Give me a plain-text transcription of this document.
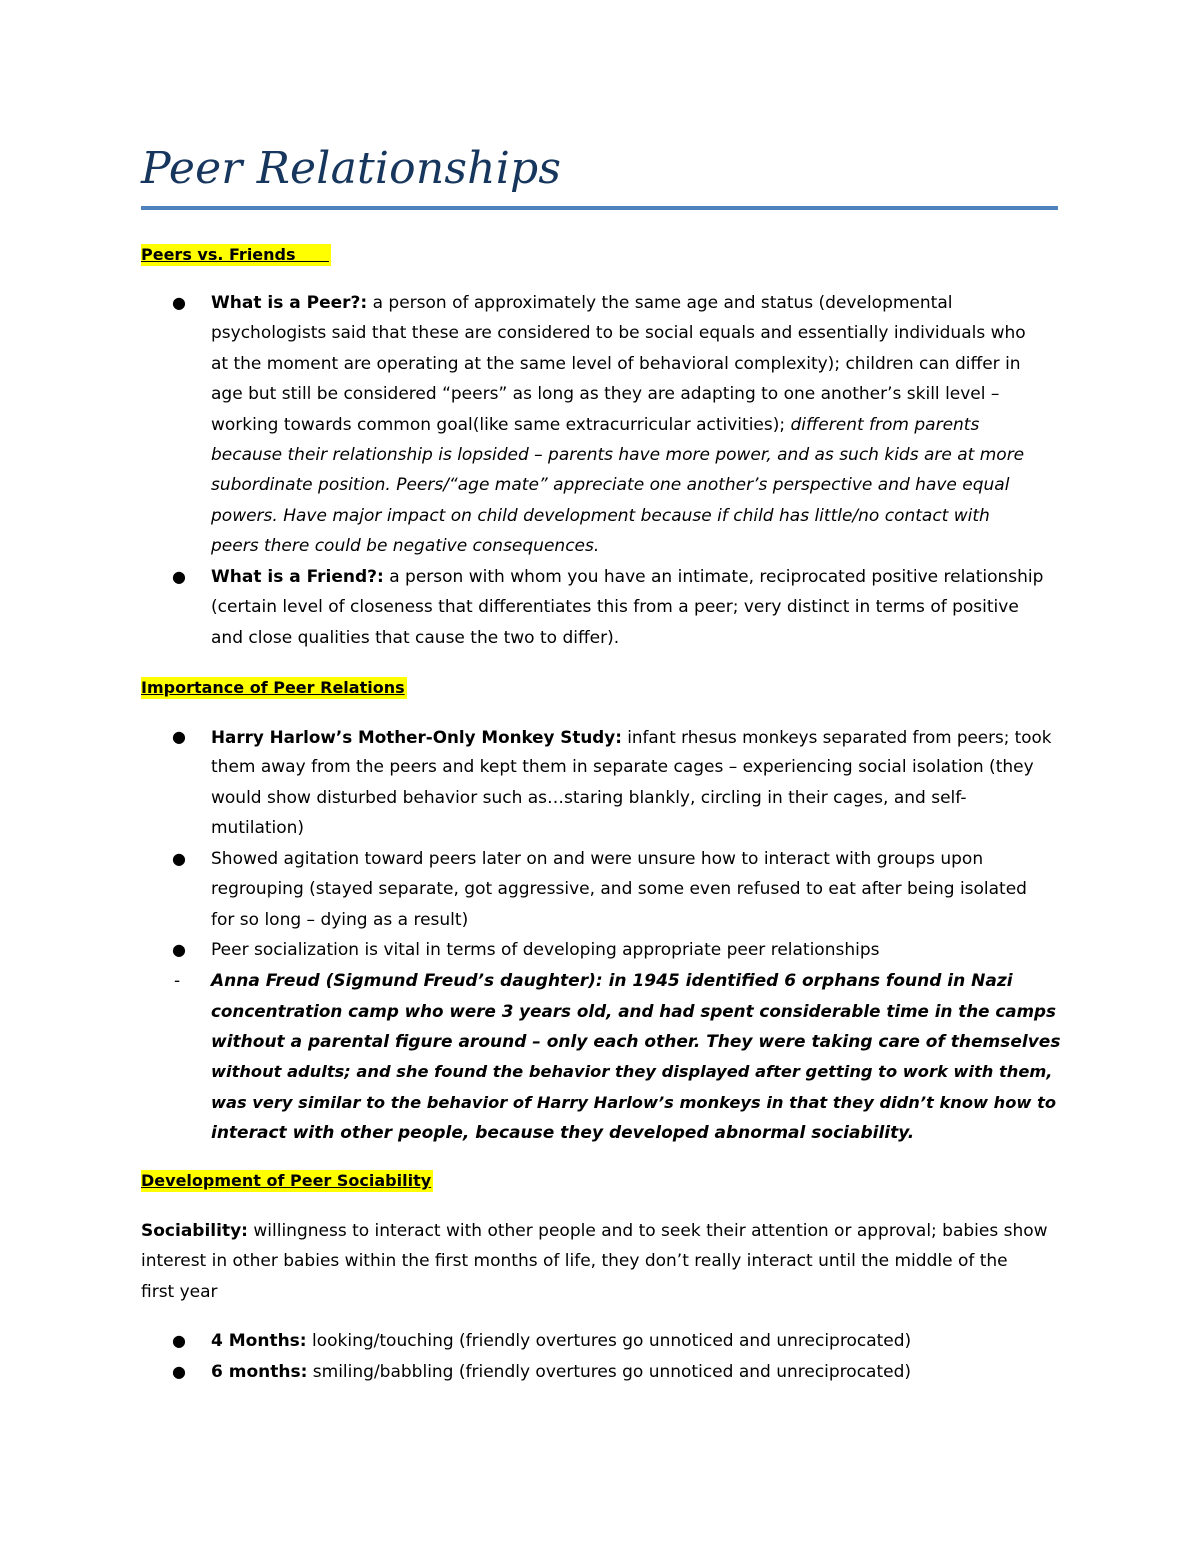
Peer Relationships
Peers vs. Friends
● What is a Peer?: a person of approximately the same age and status (developmental
psychologists said that these are considered to be social equals and essentially individuals who
at the moment are operating at the same level of behavioral complexity); children can differ in
age but still be considered “peers” as long as they are adapting to one another’s skill level –
working towards common goal(like same extracurricular activities); different from parents
because their relationship is lopsided – parents have more power, and as such kids are at more
subordinate position. Peers/“age mate” appreciate one another’s perspective and have equal
powers. Have major impact on child development because if child has little/no contact with
peers there could be negative consequences.
● What is a Friend?: a person with whom you have an intimate, reciprocated positive relationship
(certain level of closeness that differentiates this from a peer; very distinct in terms of positive
and close qualities that cause the two to differ).
Importance of Peer Relations
● Harry Harlow’s Mother-Only Monkey Study: infant rhesus monkeys separated from peers; took
them away from the peers and kept them in separate cages – experiencing social isolation (they
would show disturbed behavior such as…staring blankly, circling in their cages, and self-
mutilation)
● Showed agitation toward peers later on and were unsure how to interact with groups upon
regrouping (stayed separate, got aggressive, and some even refused to eat after being isolated
for so long – dying as a result)
● Peer socialization is vital in terms of developing appropriate peer relationships
- Anna Freud (Sigmund Freud’s daughter): in 1945 identified 6 orphans found in Nazi
concentration camp who were 3 years old, and had spent considerable time in the camps
without a parental figure around – only each other. They were taking care of themselves
without adults; and she found the behavior they displayed after getting to work with them,
was very similar to the behavior of Harry Harlow’s monkeys in that they didn’t know how to
interact with other people, because they developed abnormal sociability.
Development of Peer Sociability
Sociability: willingness to interact with other people and to seek their attention or approval; babies show
interest in other babies within the first months of life, they don’t really interact until the middle of the
first year
● 4 Months: looking/touching (friendly overtures go unnoticed and unreciprocated)
● 6 months: smiling/babbling (friendly overtures go unnoticed and unreciprocated)
